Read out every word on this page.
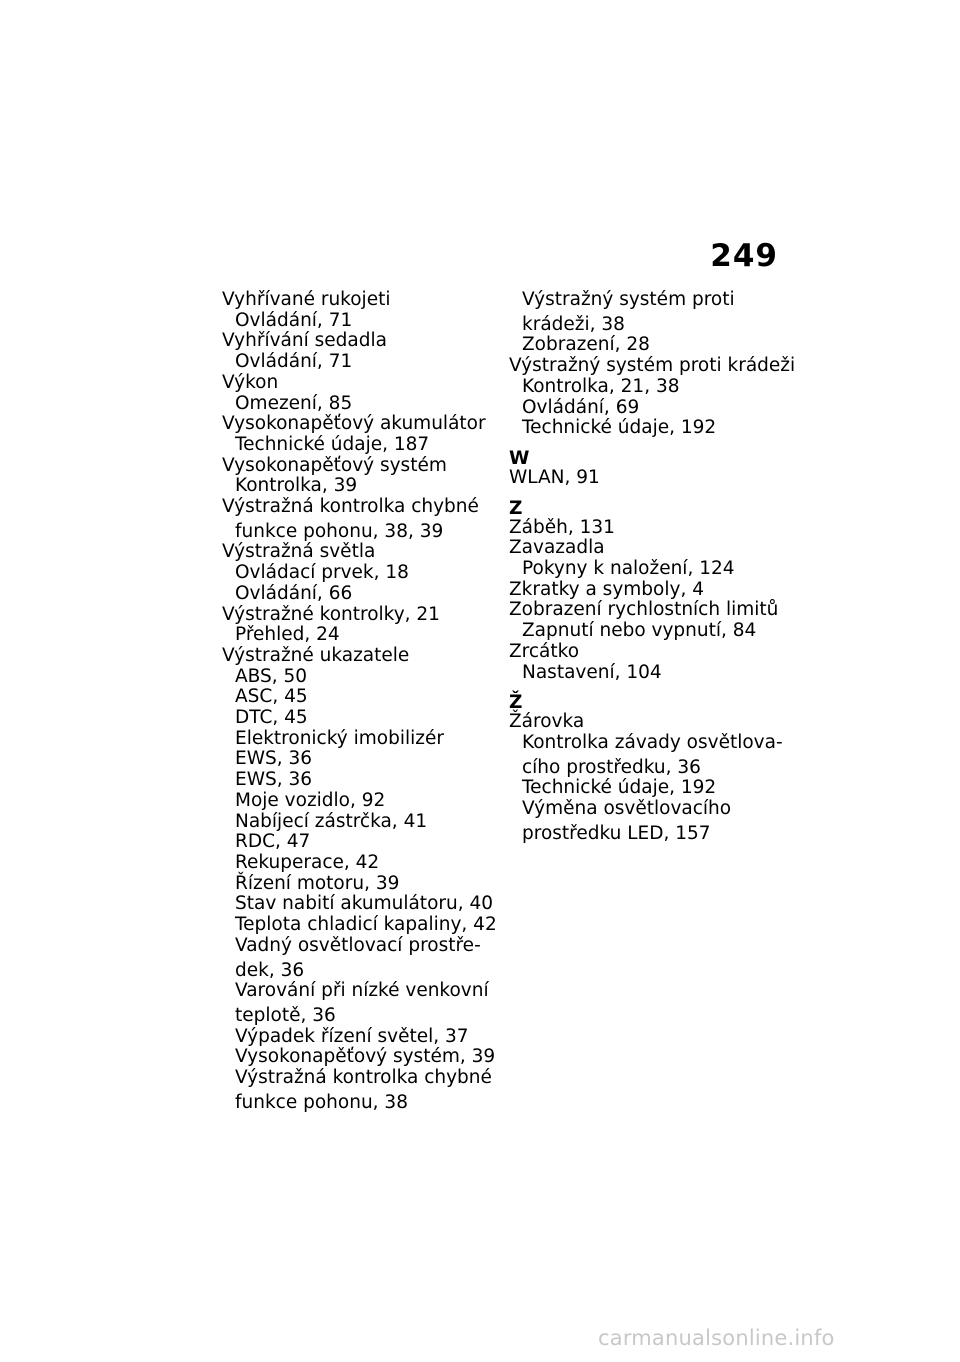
249
Vyhřívané rukojeti
Ovládání, 71
Vyhřívání sedadla
Ovládání, 71
Výkon
Omezení, 85
Vysokonapěťový akumulátor
Technické údaje, 187
Vysokonapěťový systém
Kontrolka, 39
Výstražná kontrolka chybné
funkce pohonu, 38, 39
Výstražná světla
Ovládací prvek, 18
Ovládání, 66
Výstražné kontrolky, 21
Přehled, 24
Výstražné ukazatele
ABS, 50
ASC, 45
DTC, 45
Elektronický imobilizér
EWS, 36
EWS, 36
Moje vozidlo, 92
Nabíjecí zástrčka, 41
RDC, 47
Rekuperace, 42
Řízení motoru, 39
Stav nabití akumulátoru, 40
Teplota chladicí kapaliny, 42
Vadný osvětlovací prostře-
dek, 36
Varování při nízké venkovní
teplotě, 36
Výpadek řízení světel, 37
Vysokonapěťový systém, 39
Výstražná kontrolka chybné
funkce pohonu, 38
Výstražný systém proti
krádeži, 38
Zobrazení, 28
Výstražný systém proti krádeži
Kontrolka, 21, 38
Ovládání, 69
Technické údaje, 192
W
WLAN, 91
Z
Záběh, 131
Zavazadla
Pokyny k naložení, 124
Zkratky a symboly, 4
Zobrazení rychlostních limitů
Zapnutí nebo vypnutí, 84
Zrcátko
Nastavení, 104
Ž
Žárovka
Kontrolka závady osvětlova-
cího prostředku, 36
Technické údaje, 192
Výměna osvětlovacího
prostředku LED, 157
carmanualsonline.info
